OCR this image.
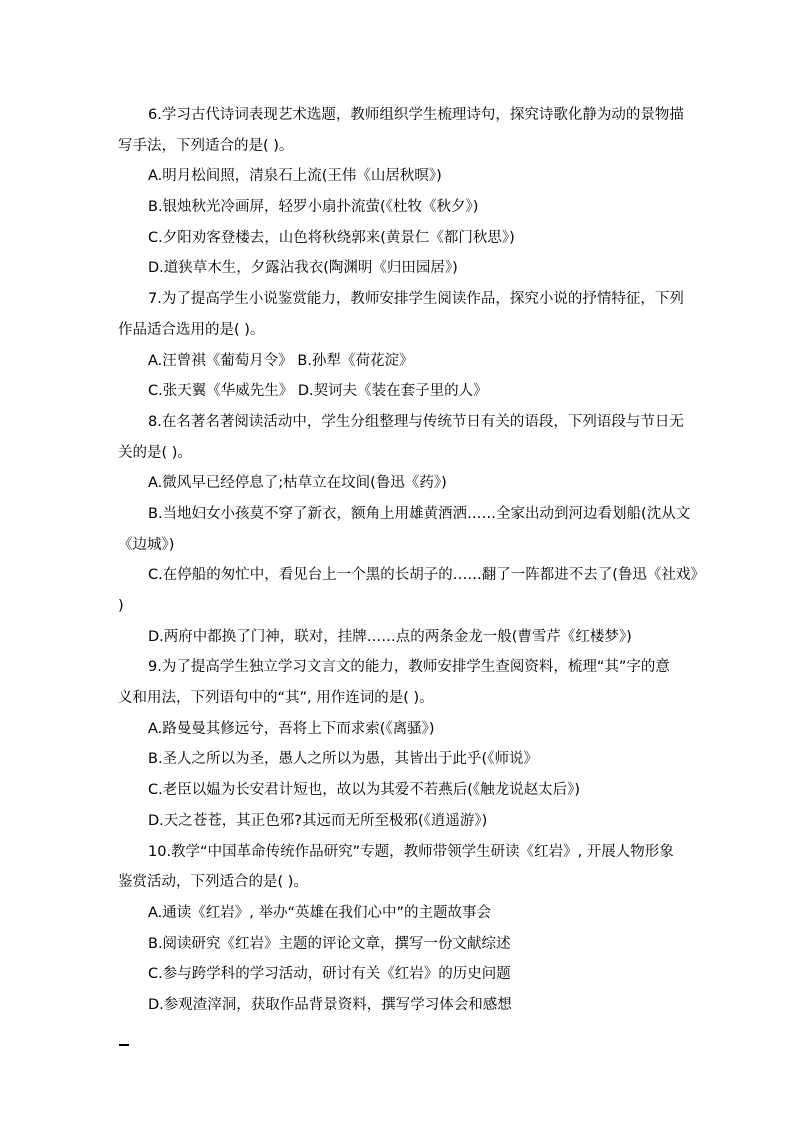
6.学习古代诗词表现艺术选题，教师组织学生梳理诗句，探究诗歌化静为动的景物描
写手法，下列适合的是( )。
A.明月松间照，清泉石上流(王伟《山居秋暝》)
B.银烛秋光冷画屏，轻罗小扇扑流萤(《杜牧《秋夕》)
C.夕阳劝客登楼去，山色将秋绕郭来(黄景仁《都门秋思》)
D.道狭草木生，夕露沾我衣(陶渊明《归田园居》)
7.为了提高学生小说鉴赏能力，教师安排学生阅读作品，探究小说的抒情特征，下列
作品适合选用的是( )。
A.汪曾祺《葡萄月令》 B.孙犁《荷花淀》
C.张天翼《华威先生》 D.契诃夫《装在套子里的人》
8.在名著名著阅读活动中，学生分组整理与传统节日有关的语段，下列语段与节日无
关的是( )。
A.微风早已经停息了;枯草立在坟间(鲁迅《药》)
B.当地妇女小孩莫不穿了新衣，额角上用雄黄酒洒……全家出动到河边看划船(沈从文
《边城》)
C.在停船的匆忙中，看见台上一个黑的长胡子的……翻了一阵都进不去了(鲁迅《社戏》
)
D.两府中都换了门神，联对，挂牌……点的两条金龙一般(曹雪芹《红楼梦》)
9.为了提高学生独立学习文言文的能力，教师安排学生查阅资料，梳理“其”字的意
义和用法，下列语句中的“其”, 用作连词的是( )。
A.路曼曼其修远兮，吾将上下而求索(《离骚》)
B.圣人之所以为圣，愚人之所以为愚，其皆出于此乎(《师说》
C.老臣以媪为长安君计短也，故以为其爱不若燕后(《触龙说赵太后》)
D.天之苍苍，其正色邪?其远而无所至极邪(《逍遥游》)
10.教学“中国革命传统作品研究”专题，教师带领学生研读《红岩》, 开展人物形象
鉴赏活动，下列适合的是( )。
A.通读《红岩》, 举办“英雄在我们心中”的主题故事会
B.阅读研究《红岩》主题的评论文章，撰写一份文献综述
C.参与跨学科的学习活动，研讨有关《红岩》的历史问题
D.参观渣滓洞，获取作品背景资料，撰写学习体会和感想
